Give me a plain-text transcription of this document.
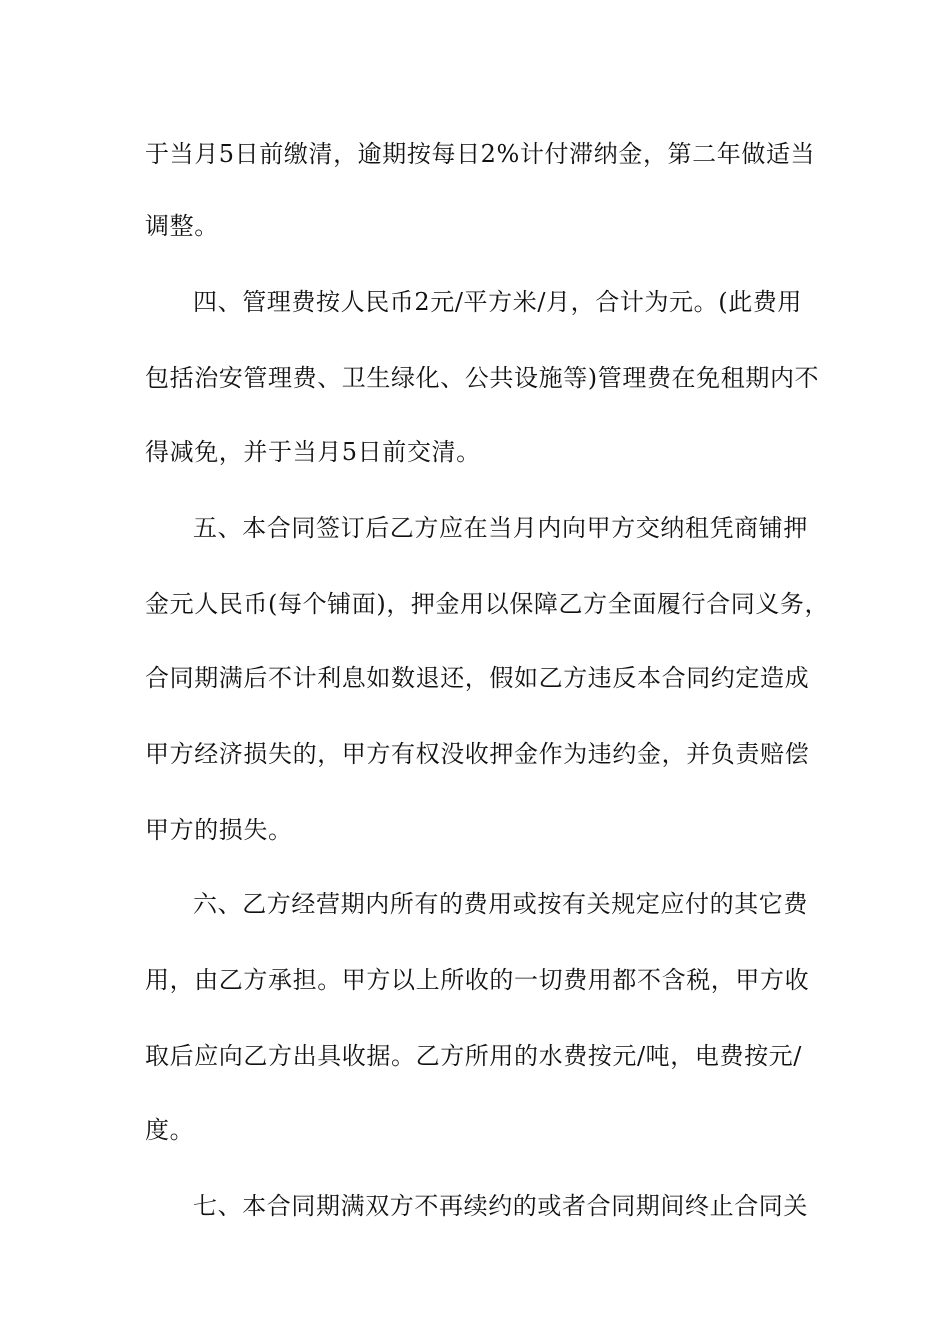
于当月5日前缴清，逾期按每日2%计付滞纳金，第二年做适当
调整。
四、管理费按人民币2元/平方米/月，合计为元。(此费用
包括治安管理费、卫生绿化、公共设施等)管理费在免租期内不
得减免，并于当月5日前交清。
五、本合同签订后乙方应在当月内向甲方交纳租凭商铺押
金元人民币(每个铺面)，押金用以保障乙方全面履行合同义务，
合同期满后不计利息如数退还，假如乙方违反本合同约定造成
甲方经济损失的，甲方有权没收押金作为违约金，并负责赔偿
甲方的损失。
六、乙方经营期内所有的费用或按有关规定应付的其它费
用，由乙方承担。甲方以上所收的一切费用都不含税，甲方收
取后应向乙方出具收据。乙方所用的水费按元/吨，电费按元/
度。
七、本合同期满双方不再续约的或者合同期间终止合同关
